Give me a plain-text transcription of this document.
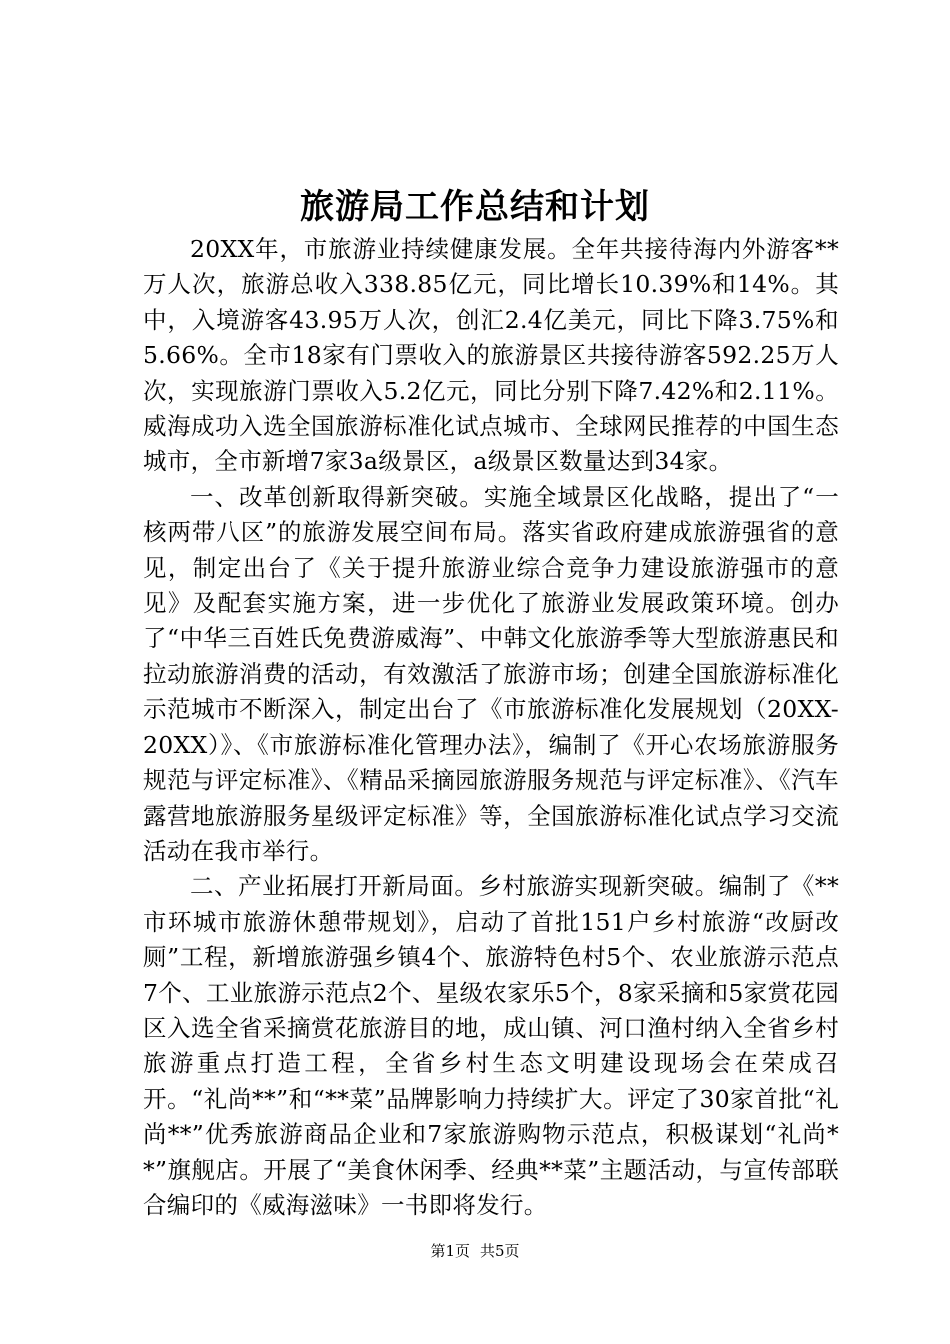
旅游局工作总结和计划

20XX年，市旅游业持续健康发展。全年共接待海内外游客**万人次，旅游总收入338.85亿元，同比增长10.39%和14%。其中，入境游客43.95万人次，创汇2.4亿美元，同比下降3.75%和5.66%。全市18家有门票收入的旅游景区共接待游客592.25万人次，实现旅游门票收入5.2亿元，同比分别下降7.42%和2.11%。威海成功入选全国旅游标准化试点城市、全球网民推荐的中国生态城市，全市新增7家3a级景区，a级景区数量达到34家。

一、改革创新取得新突破。实施全域景区化战略，提出了“一核两带八区”的旅游发展空间布局。落实省政府建成旅游强省的意见，制定出台了《关于提升旅游业综合竞争力建设旅游强市的意见》及配套实施方案，进一步优化了旅游业发展政策环境。创办了“中华三百姓氏免费游威海”、中韩文化旅游季等大型旅游惠民和拉动旅游消费的活动，有效激活了旅游市场；创建全国旅游标准化示范城市不断深入，制定出台了《市旅游标准化发展规划（20XX-20XX）》、《市旅游标准化管理办法》，编制了《开心农场旅游服务规范与评定标准》、《精品采摘园旅游服务规范与评定标准》、《汽车露营地旅游服务星级评定标准》等，全国旅游标准化试点学习交流活动在我市举行。

二、产业拓展打开新局面。乡村旅游实现新突破。编制了《**市环城市旅游休憩带规划》，启动了首批151户乡村旅游“改厨改厕”工程，新增旅游强乡镇4个、旅游特色村5个、农业旅游示范点7个、工业旅游示范点2个、星级农家乐5个，8家采摘和5家赏花园区入选全省采摘赏花旅游目的地，成山镇、河口渔村纳入全省乡村旅游重点打造工程，全省乡村生态文明建设现场会在荣成召开。“礼尚**”和“**菜”品牌影响力持续扩大。评定了30家首批“礼尚**”优秀旅游商品企业和7家旅游购物示范点，积极谋划“礼尚**”旗舰店。开展了“美食休闲季、经典**菜”主题活动，与宣传部联合编印的《威海滋味》一书即将发行。

第1页 共5页
